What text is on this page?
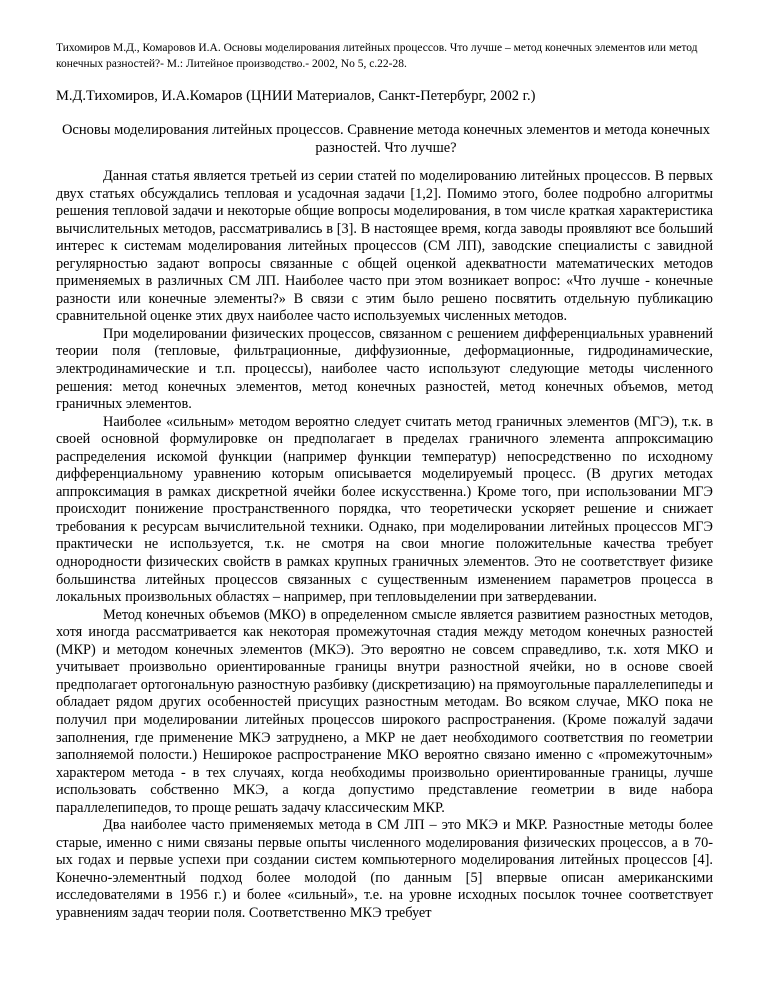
Тихомиров М.Д., Комаровов И.А. Основы моделирования литейных процессов. Что лучше – метод конечных элементов или метод конечных разностей?- М.: Литейное производство.- 2002, No 5, с.22-28.
М.Д.Тихомиров, И.А.Комаров (ЦНИИ Материалов, Санкт-Петербург, 2002 г.)
Основы моделирования литейных процессов. Сравнение метода конечных элементов и метода конечных разностей. Что лучше?

Данная статья является третьей из серии статей по моделированию литейных процессов. В первых двух статьях обсуждались тепловая и усадочная задачи [1,2]. Помимо этого, более подробно алгоритмы решения тепловой задачи и некоторые общие вопросы моделирования, в том числе краткая характеристика вычислительных методов, рассматривались в [3]. В настоящее время, когда заводы проявляют все больший интерес к системам моделирования литейных процессов (СМ ЛП), заводские специалисты с завидной регулярностью задают вопросы связанные с общей оценкой адекватности математических методов применяемых в различных СМ ЛП. Наиболее часто при этом возникает вопрос: «Что лучше - конечные разности или конечные элементы?» В связи с этим было решено посвятить отдельную публикацию сравнительной оценке этих двух наиболее часто используемых численных методов.

При моделировании физических процессов, связанном с решением дифференциальных уравнений теории поля (тепловые, фильтрационные, диффузионные, деформационные, гидродинамические, электродинамические и т.п. процессы), наиболее часто используют следующие методы численного решения: метод конечных элементов, метод конечных разностей, метод конечных объемов, метод граничных элементов.

Наиболее «сильным» методом вероятно следует считать метод граничных элементов (МГЭ), т.к. в своей основной формулировке он предполагает в пределах граничного элемента аппроксимацию распределения искомой функции (например функции температур) непосредственно по исходному дифференциальному уравнению которым описывается моделируемый процесс. (В других методах аппроксимация в рамках дискретной ячейки более искусственна.) Кроме того, при использовании МГЭ происходит понижение пространственного порядка, что теоретически ускоряет решение и снижает требования к ресурсам вычислительной техники. Однако, при моделировании литейных процессов МГЭ практически не используется, т.к. не смотря на свои многие положительные качества требует однородности физических свойств в рамках крупных граничных элементов. Это не соответствует физике большинства литейных процессов связанных с существенным изменением параметров процесса в локальных произвольных областях – например, при тепловыделении при затвердевании.

Метод конечных объемов (МКО) в определенном смысле является развитием разностных методов, хотя иногда рассматривается как некоторая промежуточная стадия между методом конечных разностей (МКР) и методом конечных элементов (МКЭ). Это вероятно не совсем справедливо, т.к. хотя МКО и учитывает произвольно ориентированные границы внутри разностной ячейки, но в основе своей предполагает ортогональную разностную разбивку (дискретизацию) на прямоугольные параллелепипеды и обладает рядом других особенностей присущих разностным методам. Во всяком случае, МКО пока не получил при моделировании литейных процессов широкого распространения. (Кроме пожалуй задачи заполнения, где применение МКЭ затруднено, а МКР не дает необходимого соответствия по геометрии заполняемой полости.) Неширокое распространение МКО вероятно связано именно с «промежуточным» характером метода - в тех случаях, когда необходимы произвольно ориентированные границы, лучше использовать собственно МКЭ, а когда допустимо представление геометрии в виде набора параллелепипедов, то проще решать задачу классическим МКР.

Два наиболее часто применяемых метода в СМ ЛП – это МКЭ и МКР. Разностные методы более старые, именно с ними связаны первые опыты численного моделирования физических процессов, а в 70-ых годах и первые успехи при создании систем компьютерного моделирования литейных процессов [4]. Конечно-элементный подход более молодой (по данным [5] впервые описан американскими исследователями в 1956 г.) и более «сильный», т.е. на уровне исходных посылок точнее соответствует уравнениям задач теории поля. Соответственно МКЭ требует
